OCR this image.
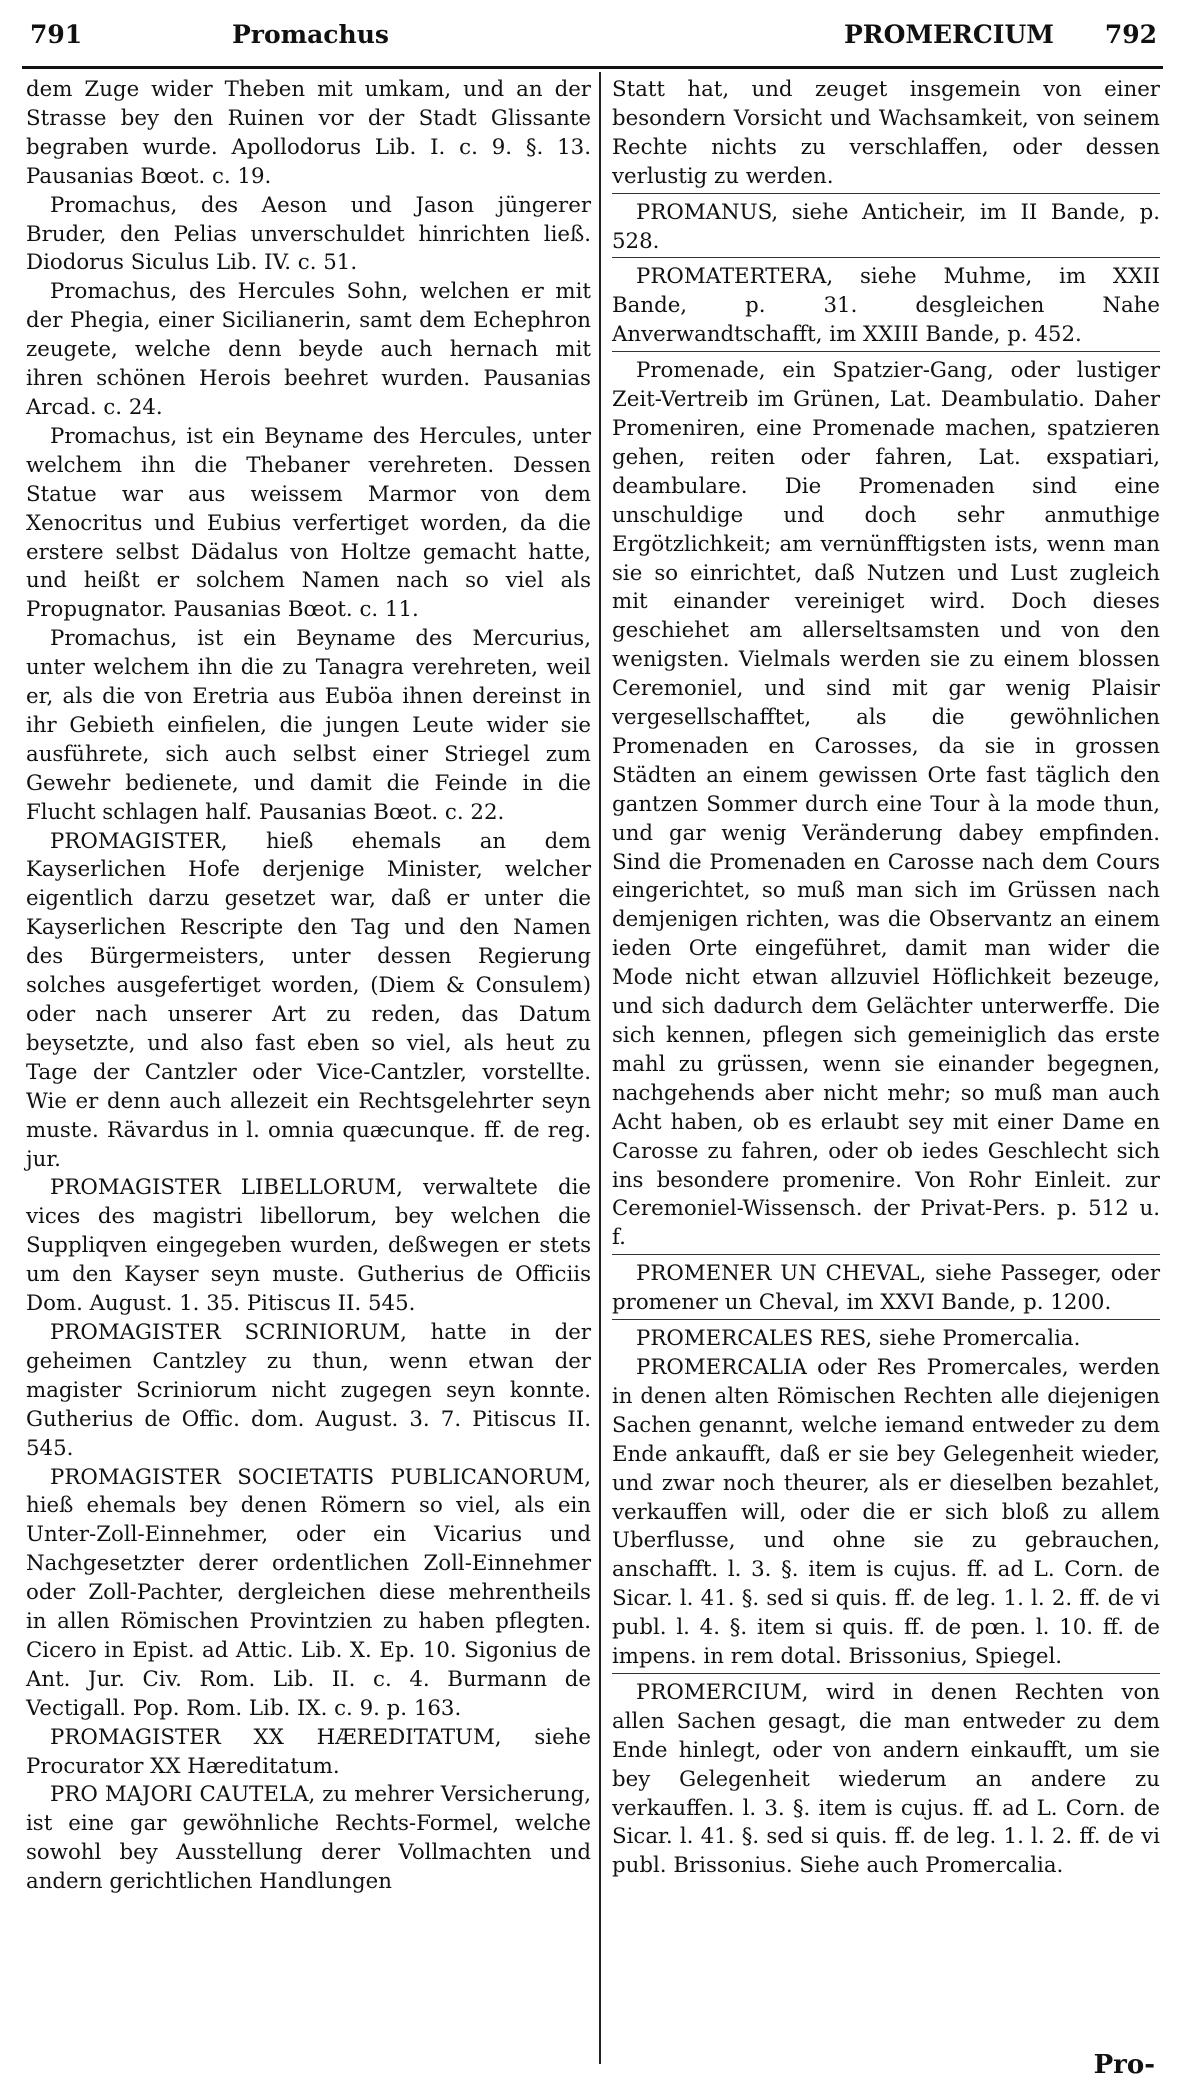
791	Promachus	PROMERCIUM 792

dem Zuge wider Theben mit umkam, und an der Strasse bey den Ruinen vor der Stadt Glissante begraben wurde. Apollodorus Lib. I. c. 9. §. 13. Pausanias Bœot. c. 19.

Promachus, des Aeson und Jason jüngerer Bruder, den Pelias unverschuldet hinrichten ließ. Diodorus Siculus Lib. IV. c. 51.

Promachus, des Hercules Sohn, welchen er mit der Phegia, einer Sicilianerin, samt dem Echephron zeugete, welche denn beyde auch hernach mit ihren schönen Herois beehret wurden. Pausanias Arcad. c. 24.

Promachus, ist ein Beyname des Hercules, unter welchem ihn die Thebaner verehreten. Dessen Statue war aus weissem Marmor von dem Xenocritus und Eubius verfertiget worden, da die erstere selbst Dädalus von Holtze gemacht hatte, und heißt er solchem Namen nach so viel als Propugnator. Pausanias Bœot. c. 11.

Promachus, ist ein Beyname des Mercurius, unter welchem ihn die zu Tanagra verehreten, weil er, als die von Eretria aus Euböa ihnen dereinst in ihr Gebieth einfielen, die jungen Leute wider sie ausführete, sich auch selbst einer Striegel zum Gewehr bedienete, und damit die Feinde in die Flucht schlagen half. Pausanias Bœot. c. 22.

PROMAGISTER, hieß ehemals an dem Kayserlichen Hofe derjenige Minister, welcher eigentlich darzu gesetzet war, daß er unter die Kayserlichen Rescripte den Tag und den Namen des Bürgermeisters, unter dessen Regierung solches ausgefertiget worden, (Diem & Consulem) oder nach unserer Art zu reden, das Datum beysetzte, und also fast eben so viel, als heut zu Tage der Cantzler oder Vice-Cantzler, vorstellte. Wie er denn auch allezeit ein Rechtsgelehrter seyn muste. Rävardus in l. omnia quæcunque. ff. de reg. jur.

PROMAGISTER LIBELLORUM, verwaltete die vices des magistri libellorum, bey welchen die Suppliqven eingegeben wurden, deßwegen er stets um den Kayser seyn muste. Gutherius de Officiis Dom. August. 1. 35. Pitiscus II. 545.

PROMAGISTER SCRINIORUM, hatte in der geheimen Cantzley zu thun, wenn etwan der magister Scriniorum nicht zugegen seyn konnte. Gutherius de Offic. dom. August. 3. 7. Pitiscus II. 545.

PROMAGISTER SOCIETATIS PUBLICANORUM, hieß ehemals bey denen Römern so viel, als ein Unter-Zoll-Einnehmer, oder ein Vicarius und Nachgesetzter derer ordentlichen Zoll-Einnehmer oder Zoll-Pachter, dergleichen diese mehrentheils in allen Römischen Provintzien zu haben pflegten. Cicero in Epist. ad Attic. Lib. X. Ep. 10. Sigonius de Ant. Jur. Civ. Rom. Lib. II. c. 4. Burmann de Vectigall. Pop. Rom. Lib. IX. c. 9. p. 163.

PROMAGISTER XX HÆREDITATUM, siehe Procurator XX Hæreditatum.

PRO MAJORI CAUTELA, zu mehrer Versicherung, ist eine gar gewöhnliche Rechts-Formel, welche sowohl bey Ausstellung derer Vollmachten und andern gerichtlichen Handlungen

Statt hat, und zeuget insgemein von einer besondern Vorsicht und Wachsamkeit, von seinem Rechte nichts zu verschlaffen, oder dessen verlustig zu werden.

PROMANUS, siehe Anticheir, im II Bande, p. 528.

PROMATERTERA, siehe Muhme, im XXII Bande, p. 31. desgleichen Nahe Anverwandtschafft, im XXIII Bande, p. 452.

Promenade, ein Spatzier-Gang, oder lustiger Zeit-Vertreib im Grünen, Lat. Deambulatio. Daher Promeniren, eine Promenade machen, spatzieren gehen, reiten oder fahren, Lat. exspatiari, deambulare. Die Promenaden sind eine unschuldige und doch sehr anmuthige Ergötzlichkeit; am vernünfftigsten ists, wenn man sie so einrichtet, daß Nutzen und Lust zugleich mit einander vereiniget wird. Doch dieses geschiehet am allerseltsamsten und von den wenigsten. Vielmals werden sie zu einem blossen Ceremoniel, und sind mit gar wenig Plaisir vergesellschafftet, als die gewöhnlichen Promenaden en Carosses, da sie in grossen Städten an einem gewissen Orte fast täglich den gantzen Sommer durch eine Tour à la mode thun, und gar wenig Veränderung dabey empfinden. Sind die Promenaden en Carosse nach dem Cours eingerichtet, so muß man sich im Grüssen nach demjenigen richten, was die Observantz an einem ieden Orte eingeführet, damit man wider die Mode nicht etwan allzuviel Höflichkeit bezeuge, und sich dadurch dem Gelächter unterwerffe. Die sich kennen, pflegen sich gemeiniglich das erste mahl zu grüssen, wenn sie einander begegnen, nachgehends aber nicht mehr; so muß man auch Acht haben, ob es erlaubt sey mit einer Dame en Carosse zu fahren, oder ob iedes Geschlecht sich ins besondere promenire. Von Rohr Einleit. zur Ceremoniel-Wissensch. der Privat-Pers. p. 512 u. f.

PROMENER UN CHEVAL, siehe Passeger, oder promener un Cheval, im XXVI Bande, p. 1200.

PROMERCALES RES, siehe Promercalia.

PROMERCALIA oder Res Promercales, werden in denen alten Römischen Rechten alle diejenigen Sachen genannt, welche iemand entweder zu dem Ende ankaufft, daß er sie bey Gelegenheit wieder, und zwar noch theurer, als er dieselben bezahlet, verkauffen will, oder die er sich bloß zu allem Uberflusse, und ohne sie zu gebrauchen, anschafft. l. 3. §. item is cujus. ff. ad L. Corn. de Sicar. l. 41. §. sed si quis. ff. de leg. 1. l. 2. ff. de vi publ. l. 4. §. item si quis. ff. de pœn. l. 10. ff. de impens. in rem dotal. Brissonius, Spiegel.

PROMERCIUM, wird in denen Rechten von allen Sachen gesagt, die man entweder zu dem Ende hinlegt, oder von andern einkaufft, um sie bey Gelegenheit wiederum an andere zu verkauffen. l. 3. §. item is cujus. ff. ad L. Corn. de Sicar. l. 41. §. sed si quis. ff. de leg. 1. l. 2. ff. de vi publ. Brissonius. Siehe auch Promercalia.

Pro-
